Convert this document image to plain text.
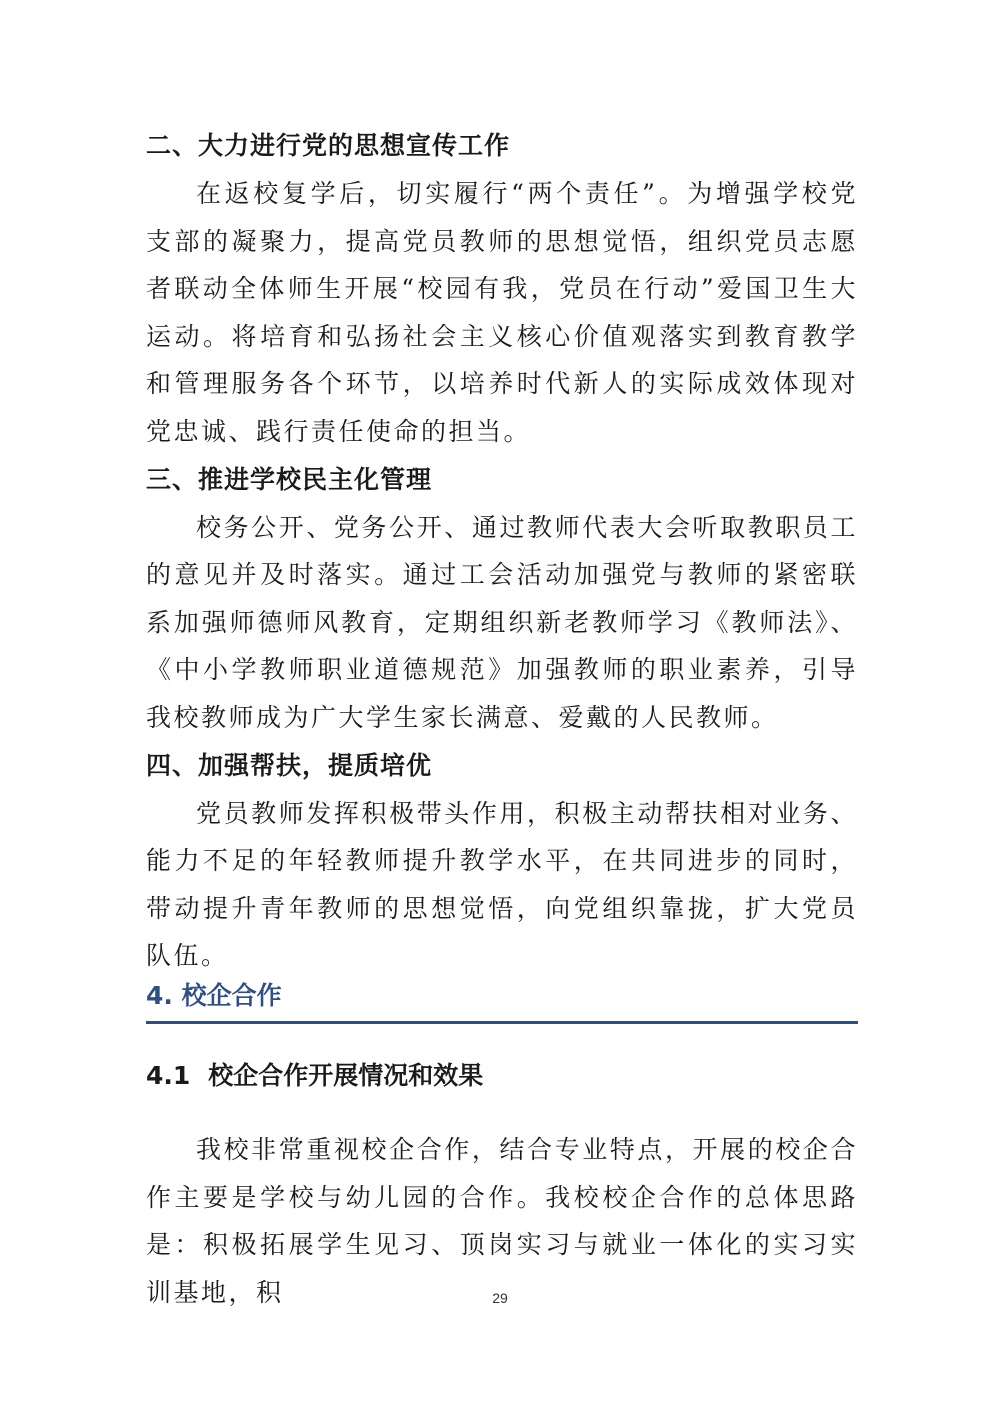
二、大力进行党的思想宣传工作

在返校复学后，切实履行“两个责任”。为增强学校党支部的凝聚力，提高党员教师的思想觉悟，组织党员志愿者联动全体师生开展“校园有我，党员在行动”爱国卫生大运动。将培育和弘扬社会主义核心价值观落实到教育教学和管理服务各个环节，以培养时代新人的实际成效体现对党忠诚、践行责任使命的担当。

三、推进学校民主化管理

校务公开、党务公开、通过教师代表大会听取教职员工的意见并及时落实。通过工会活动加强党与教师的紧密联系加强师德师风教育，定期组织新老教师学习《教师法》、《中小学教师职业道德规范》加强教师的职业素养，引导我校教师成为广大学生家长满意、爱戴的人民教师。

四、加强帮扶，提质培优

党员教师发挥积极带头作用，积极主动帮扶相对业务、能力不足的年轻教师提升教学水平，在共同进步的同时，带动提升青年教师的思想觉悟，向党组织靠拢，扩大党员队伍。

4. 校企合作
4.1 校企合作开展情况和效果

我校非常重视校企合作，结合专业特点，开展的校企合作主要是学校与幼儿园的合作。我校校企合作的总体思路是：积极拓展学生见习、顶岗实习与就业一体化的实习实训基地，积	29
